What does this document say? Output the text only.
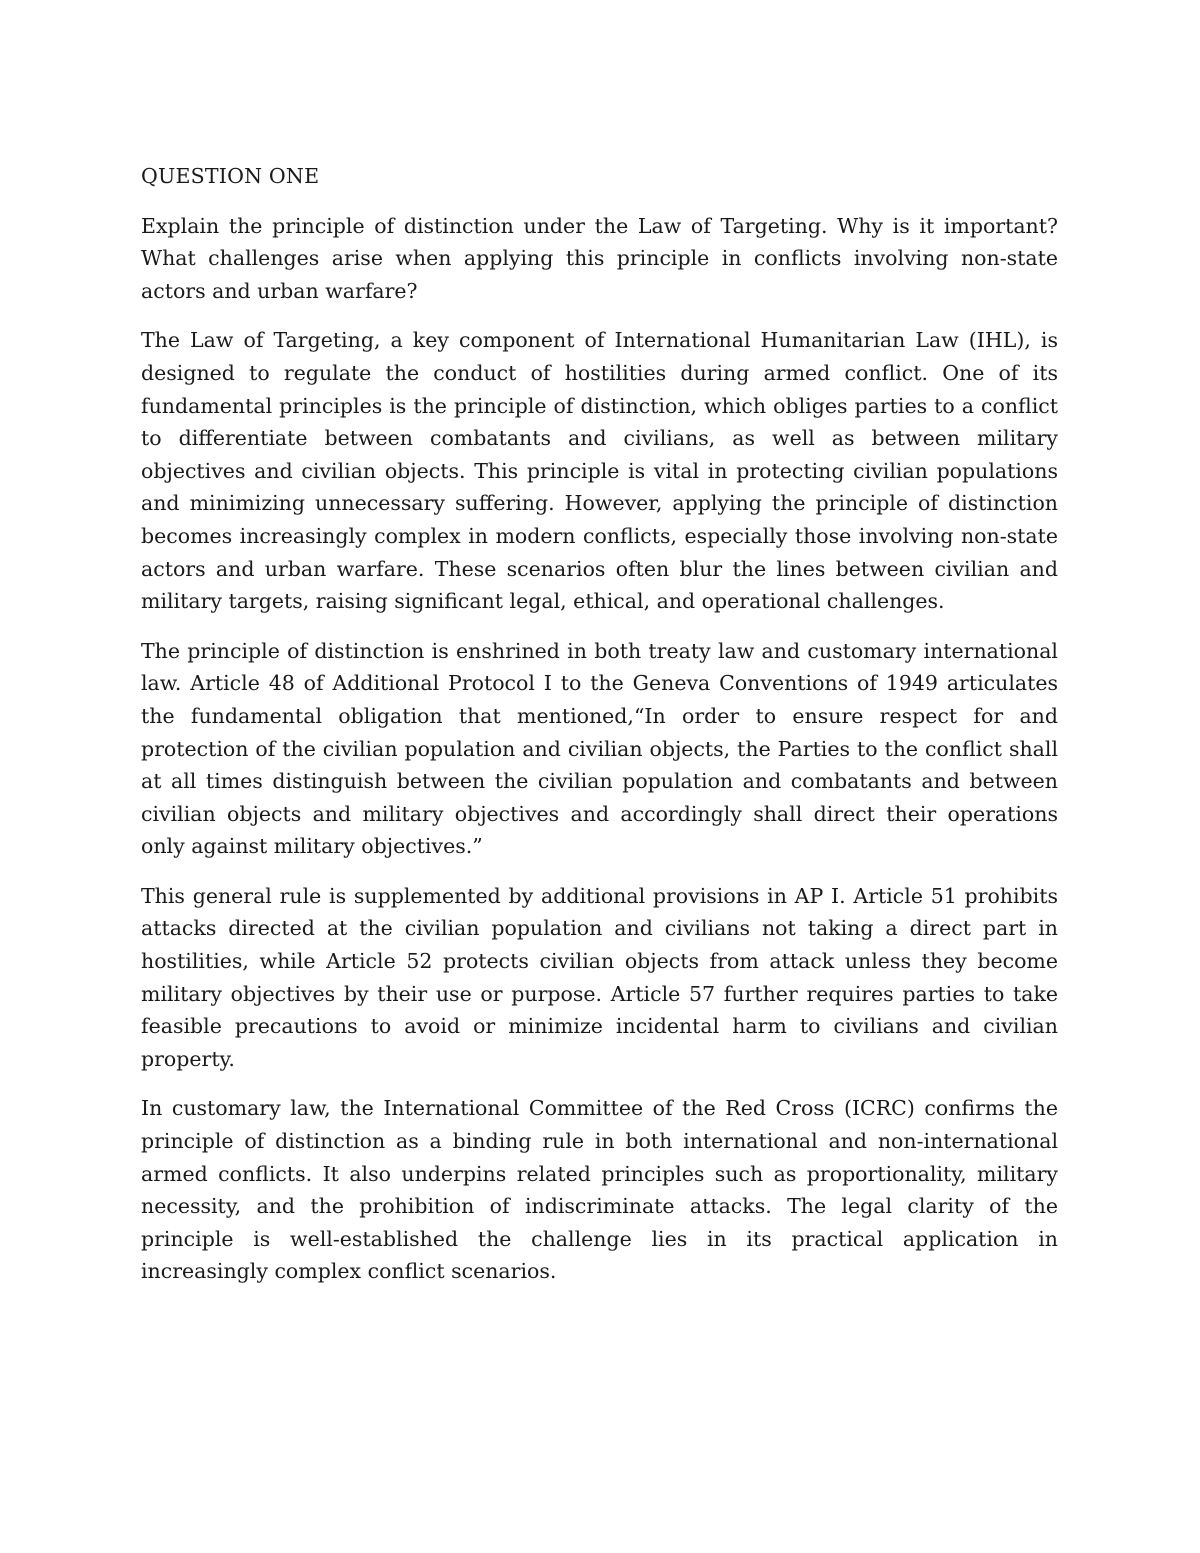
QUESTION ONE

Explain the principle of distinction under the Law of Targeting. Why is it important? What challenges arise when applying this principle in conflicts involving non-state actors and urban warfare?

The Law of Targeting, a key component of International Humanitarian Law (IHL), is designed to regulate the conduct of hostilities during armed conflict. One of its fundamental principles is the principle of distinction, which obliges parties to a conflict to differentiate between combatants and civilians, as well as between military objectives and civilian objects. This principle is vital in protecting civilian populations and minimizing unnecessary suffering. However, applying the principle of distinction becomes increasingly complex in modern conflicts, especially those involving non-state actors and urban warfare. These scenarios often blur the lines between civilian and military targets, raising significant legal, ethical, and operational challenges.

The principle of distinction is enshrined in both treaty law and customary international law. Article 48 of Additional Protocol I to the Geneva Conventions of 1949 articulates the fundamental obligation that mentioned,“In order to ensure respect for and protection of the civilian population and civilian objects, the Parties to the conflict shall at all times distinguish between the civilian population and combatants and between civilian objects and military objectives and accordingly shall direct their operations only against military objectives.”

This general rule is supplemented by additional provisions in AP I. Article 51 prohibits attacks directed at the civilian population and civilians not taking a direct part in hostilities, while Article 52 protects civilian objects from attack unless they become military objectives by their use or purpose. Article 57 further requires parties to take feasible precautions to avoid or minimize incidental harm to civilians and civilian property.

In customary law, the International Committee of the Red Cross (ICRC) confirms the principle of distinction as a binding rule in both international and non-international armed conflicts. It also underpins related principles such as proportionality, military necessity, and the prohibition of indiscriminate attacks. The legal clarity of the principle is well-established the challenge lies in its practical application in increasingly complex conflict scenarios.
